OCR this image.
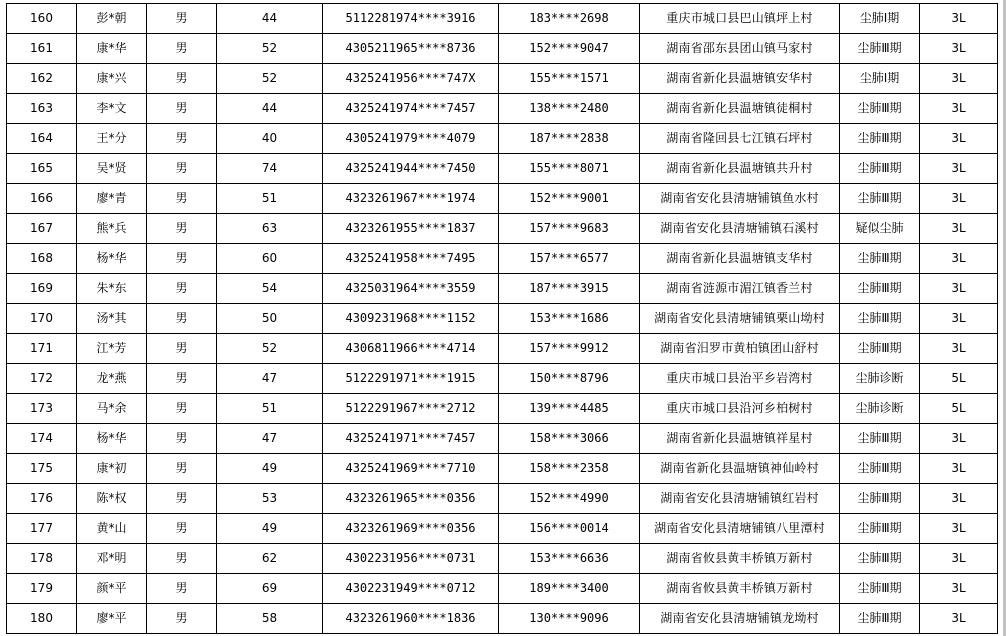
160	彭*朝	男	44	5112281974****3916	183****2698	重庆市城口县巴山镇坪上村	尘肺Ⅰ期	3L
161	康*华	男	52	4305211965****8736	152****9047	湖南省邵东县团山镇马家村	尘肺Ⅲ期	3L
162	康*兴	男	52	4325241956****747X	155****1571	湖南省新化县温塘镇安华村	尘肺Ⅰ期	3L
163	李*文	男	44	4325241974****7457	138****2480	湖南省新化县温塘镇徒桐村	尘肺Ⅲ期	3L
164	王*分	男	40	4305241979****4079	187****2838	湖南省隆回县七江镇石坪村	尘肺Ⅲ期	3L
165	吴*贤	男	74	4325241944****7450	155****8071	湖南省新化县温塘镇共升村	尘肺Ⅲ期	3L
166	廖*青	男	51	4323261967****1974	152****9001	湖南省安化县清塘铺镇鱼水村	尘肺Ⅲ期	3L
167	熊*兵	男	63	4323261955****1837	157****9683	湖南省安化县清塘铺镇石溪村	疑似尘肺	3L
168	杨*华	男	60	4325241958****7495	157****6577	湖南省新化县温塘镇支华村	尘肺Ⅲ期	3L
169	朱*东	男	54	4325031964****3559	187****3915	湖南省涟源市湄江镇香兰村	尘肺Ⅲ期	3L
170	汤*其	男	50	4309231968****1152	153****1686	湖南省安化县清塘铺镇栗山坳村	尘肺Ⅲ期	3L
171	江*芳	男	52	4306811966****4714	157****9912	湖南省汨罗市黄柏镇团山舒村	尘肺Ⅲ期	3L
172	龙*燕	男	47	5122291971****1915	150****8796	重庆市城口县治平乡岩湾村	尘肺诊断	5L
173	马*余	男	51	5122291967****2712	139****4485	重庆市城口县沿河乡柏树村	尘肺诊断	5L
174	杨*华	男	47	4325241971****7457	158****3066	湖南省新化县温塘镇祥星村	尘肺Ⅲ期	3L
175	康*初	男	49	4325241969****7710	158****2358	湖南省新化县温塘镇神仙岭村	尘肺Ⅲ期	3L
176	陈*权	男	53	4323261965****0356	152****4990	湖南省安化县清塘铺镇红岩村	尘肺Ⅲ期	3L
177	黄*山	男	49	4323261969****0356	156****0014	湖南省安化县清塘铺镇八里潭村	尘肺Ⅲ期	3L
178	邓*明	男	62	4302231956****0731	153****6636	湖南省攸县黄丰桥镇万新村	尘肺Ⅲ期	3L
179	颜*平	男	69	4302231949****0712	189****3400	湖南省攸县黄丰桥镇万新村	尘肺Ⅲ期	3L
180	廖*平	男	58	4323261960****1836	130****9096	湖南省安化县清塘铺镇龙坳村	尘肺Ⅲ期	3L
